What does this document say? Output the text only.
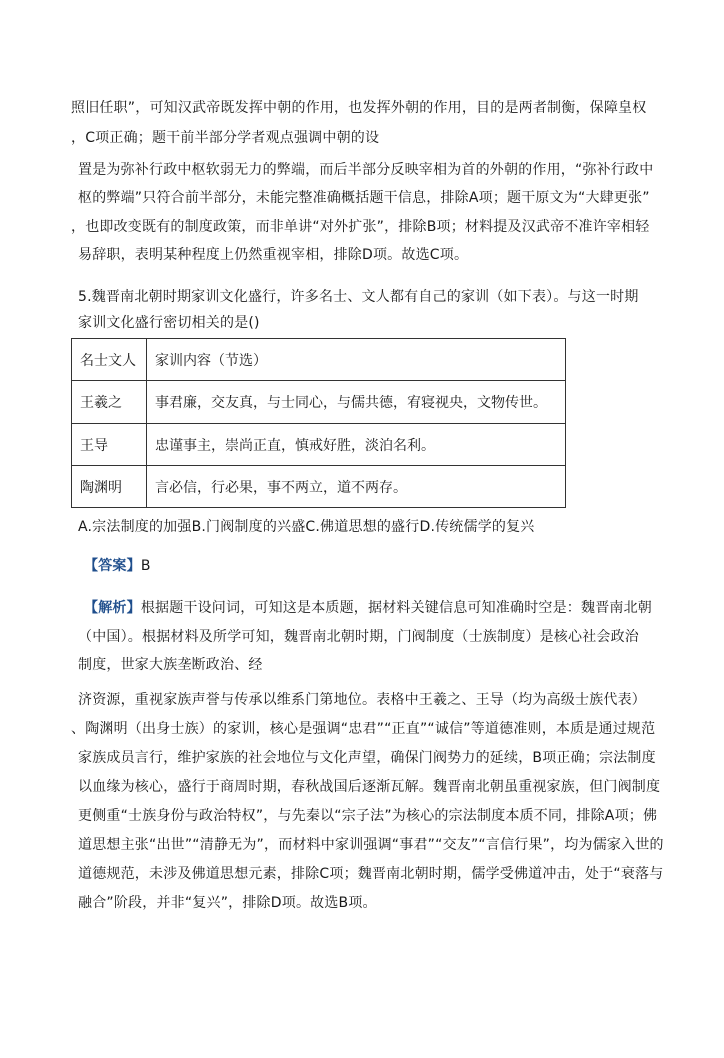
照旧任职”，可知汉武帝既发挥中朝的作用，也发挥外朝的作用，目的是两者制衡，保障皇权
，C项正确；题干前半部分学者观点强调中朝的设
置是为弥补行政中枢软弱无力的弊端，而后半部分反映宰相为首的外朝的作用，“弥补行政中
枢的弊端”只符合前半部分，未能完整准确概括题干信息，排除A项；题干原文为“大肆更张”
，也即改变既有的制度政策，而非单讲“对外扩张”，排除B项；材料提及汉武帝不准许宰相轻
易辞职，表明某种程度上仍然重视宰相，排除D项。故选C项。
5.魏晋南北朝时期家训文化盛行，许多名士、文人都有自己的家训（如下表）。与这一时期
家训文化盛行密切相关的是()
名士文人	家训内容（节选）
王羲之	事君廉，交友真，与士同心，与儒共德，宥寝视央，文物传世。
王导	忠谨事主，崇尚正直，慎戒好胜，淡泊名利。
陶渊明	言必信，行必果，事不两立，道不两存。
A.宗法制度的加强B.门阀制度的兴盛C.佛道思想的盛行D.传统儒学的复兴
【答案】B
【解析】根据题干设问词，可知这是本质题，据材料关键信息可知准确时空是：魏晋南北朝
（中国）。根据材料及所学可知，魏晋南北朝时期，门阀制度（士族制度）是核心社会政治
制度，世家大族垄断政治、经
济资源，重视家族声誉与传承以维系门第地位。表格中王羲之、王导（均为高级士族代表）
、陶渊明（出身士族）的家训，核心是强调“忠君”“正直”“诚信”等道德准则，本质是通过规范
家族成员言行，维护家族的社会地位与文化声望，确保门阀势力的延续，B项正确；宗法制度
以血缘为核心，盛行于商周时期，春秋战国后逐渐瓦解。魏晋南北朝虽重视家族，但门阀制度
更侧重“士族身份与政治特权”，与先秦以“宗子法”为核心的宗法制度本质不同，排除A项；佛
道思想主张“出世”“清静无为”，而材料中家训强调“事君”“交友”“言信行果”，均为儒家入世的
道德规范，未涉及佛道思想元素，排除C项；魏晋南北朝时期，儒学受佛道冲击，处于“衰落与
融合”阶段，并非“复兴”，排除D项。故选B项。
